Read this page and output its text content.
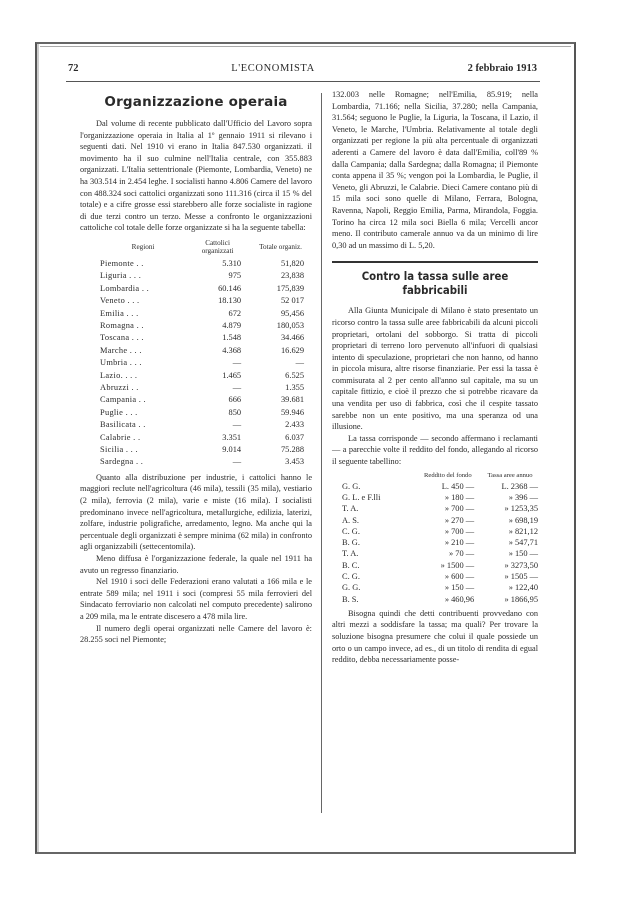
72	L'ECONOMISTA	2 febbraio 1913
Organizzazione operaia

Dal volume di recente pubblicato dall'Ufficio del Lavoro sopra l'organizzazione operaia in Italia al 1º gennaio 1911 si rilevano i seguenti dati. Nel 1910 vi erano in Italia 847.530 organizzati. il movimento ha il suo culmine nell'Italia centrale, con 355.883 organizzati. L'Italia settentrionale (Piemonte, Lombardia, Veneto) ne ha 303.514 in 2.454 leghe. I socialisti hanno 4.806 Camere del lavoro con 488.324 soci cattolici organizzati sono 111.316 (circa il 15 % del totale) e a cifre grosse essi starebbero alle forze socialiste in ragione di due terzi contro un terzo. Messe a confronto le organizzazioni cattoliche col totale delle forze organizzate si ha la seguente tabella:

Regioni	Cattolici organizzati	Totale organiz.
Piemonte . .	5.310	51,820
Liguria . . .	975	23,838
Lombardia . .	60.146	175,839
Veneto . . .	18.130	52 017
Emilia . . .	672	95,456
Romagna . .	4.879	180,053
Toscana . . .	1.548	34.466
Marche . . .	4.368	16.629
Umbria . . .	—	—
Lazio. . . .	1.465	6.525
Abruzzi . .	—	1.355
Campania . .	666	39.681
Puglie . . .	850	59.946
Basilicata . .	—	2.433
Calabrie . .	3.351	6.037
Sicilia . . .	9.014	75.288
Sardegna . .	—	3.453

Quanto alla distribuzione per industrie, i cattolici hanno le maggiori reclute nell'agricoltura (46 mila), tessili (35 mila), vestiario (2 mila), ferrovia (2 mila), varie e miste (16 mila). I socialisti predominano invece nell'agricoltura, metallurgiche, edilizia, laterizi, zolfare, industrie poligrafiche, arredamento, legno. Ma anche qui la percentuale degli organizzati è sempre minima (62 mila) in confronto agli organizzabili (settecentomila).

Meno diffusa è l'organizzazione federale, la quale nel 1911 ha avuto un regresso finanziario.

Nel 1910 i soci delle Federazioni erano valutati a 166 mila e le entrate 589 mila; nel 1911 i soci (compresi 55 mila ferrovieri del Sindacato ferroviario non calcolati nel computo precedente) salirono a 209 mila, ma le entrate discesero a 478 mila lire.

Il numero degli operai organizzati nelle Camere del lavoro è: 28.255 soci nel Piemonte;

132.003 nelle Romagne; nell'Emilia, 85.919; nella Lombardia, 71.166; nella Sicilia, 37.280; nella Campania, 31.564; seguono le Puglie, la Liguria, la Toscana, il Lazio, il Veneto, le Marche, l'Umbria. Relativamente al totale degli organizzati per regione la più alta percentuale di organizzati aderenti a Camere del lavoro è data dall'Emilia, coll'89 % dalla Campania; dalla Sardegna; dalla Romagna; il Piemonte conta appena il 35 %; vengon poi la Lombardia, le Puglie, il Veneto, gli Abruzzi, le Calabrie. Dieci Camere contano più di 15 mila soci sono quelle di Milano, Ferrara, Bologna, Ravenna, Napoli, Reggio Emilia, Parma, Mirandola, Foggia. Torino ha circa 12 mila soci Biella 6 mila; Vercelli ancor meno. Il contributo camerale annuo va da un minimo di lire 0,30 ad un massimo di L. 5,20.

Contro la tassa sulle aree fabbricabili

Alla Giunta Municipale di Milano è stato presentato un ricorso contro la tassa sulle aree fabbricabili da alcuni piccoli proprietari, ortolani del sobborgo. Si tratta di piccoli proprietari di terreno loro pervenuto all'infuori di qualsiasi intento di speculazione, proprietari che non hanno, od hanno in piccola misura, altre risorse finanziarie. Per essi la tassa è commisurata al 2 per cento all'anno sul capitale, ma su un capitale fittizio, e cioè il prezzo che si potrebbe ricavare da una vendita per uso di fabbrica, così che il cespite tassato sarebbe non un ente positivo, ma una speranza od una illusione.

La tassa corrisponde — secondo affermano i reclamanti — a parecchie volte il reddito del fondo, allegando al ricorso il seguente tabellino:

	Reddito del fondo	Tassa aree annuo
G. G.	L. 450 —	L. 2368 —
G. L. e F.lli	» 180 —	» 396 —
T. A.	» 700 —	» 1253,35
A. S.	» 270 —	» 698,19
C. G.	» 700 —	» 821,12
B. G.	» 210 —	» 547,71
T. A.	» 70 —	» 150 —
B. C.	» 1500 —	» 3273,50
C. G.	» 600 —	» 1505 —
G. G.	» 150 —	» 122,40
B. S.	» 460,96	» 1866,95

Bisogna quindi che detti contribuenti provvedano con altri mezzi a soddisfare la tassa; ma quali? Per trovare la soluzione bisogna presumere che colui il quale possiede un orto o un campo invece, ad es., di un titolo di rendita di egual reddito, debba necessariamente posse-
